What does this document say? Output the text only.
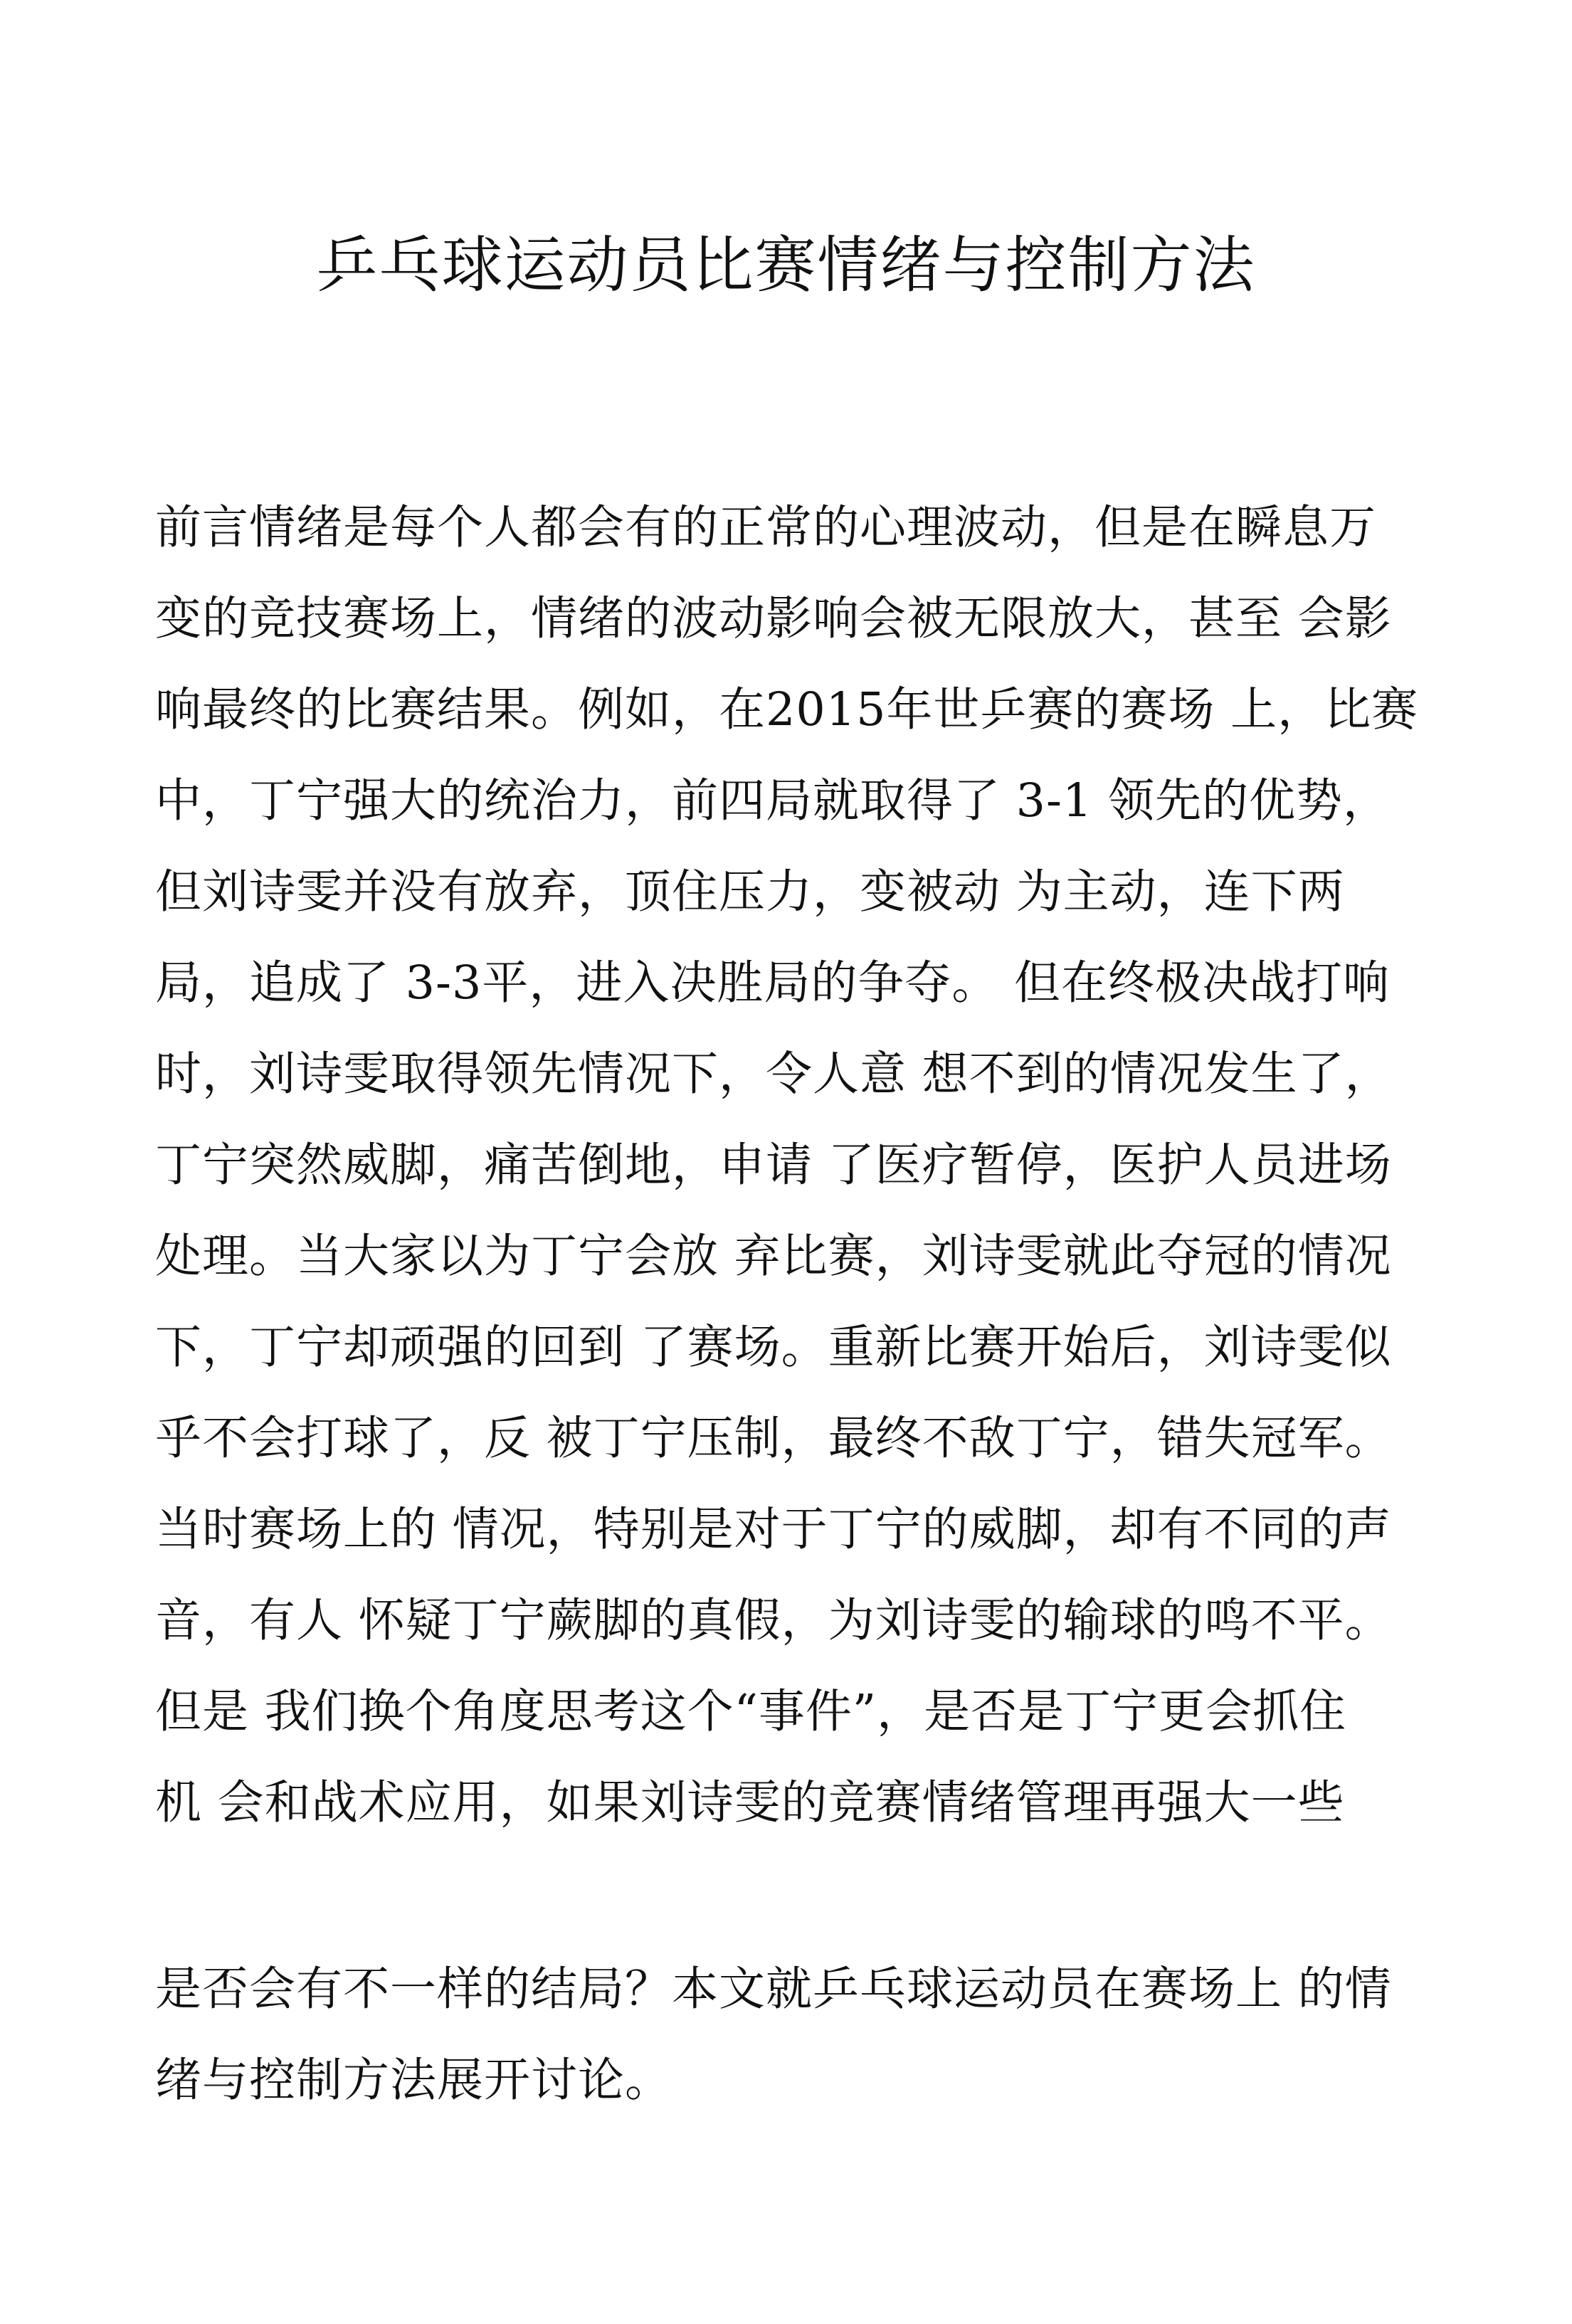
乒乓球运动员比赛情绪与控制方法
前言情绪是每个人都会有的正常的心理波动，但是在瞬息万
变的竞技赛场上，情绪的波动影响会被无限放大，甚至 会影
响最终的比赛结果。例如，在2015年世乒赛的赛场 上，比赛
中，丁宁强大的统治力，前四局就取得了 3-1 领先的优势，
但刘诗雯并没有放弃，顶住压力，变被动 为主动，连下两
局，追成了 3-3平，进入决胜局的争夺。 但在终极决战打响
时，刘诗雯取得领先情况下，令人意 想不到的情况发生了，
丁宁突然威脚，痛苦倒地，申请 了医疗暂停，医护人员进场
处理。当大家以为丁宁会放 弃比赛，刘诗雯就此夺冠的情况
下，丁宁却顽强的回到 了赛场。重新比赛开始后，刘诗雯似
乎不会打球了，反 被丁宁压制，最终不敌丁宁，错失冠军。
当时赛场上的 情况，特别是对于丁宁的威脚，却有不同的声
音，有人 怀疑丁宁蕨脚的真假，为刘诗雯的输球的鸣不平。
但是 我们换个角度思考这个“事件”，是否是丁宁更会抓住
机 会和战术应用，如果刘诗雯的竞赛情绪管理再强大一些
是否会有不一样的结局？本文就乒乓球运动员在赛场上 的情
绪与控制方法展开讨论。
